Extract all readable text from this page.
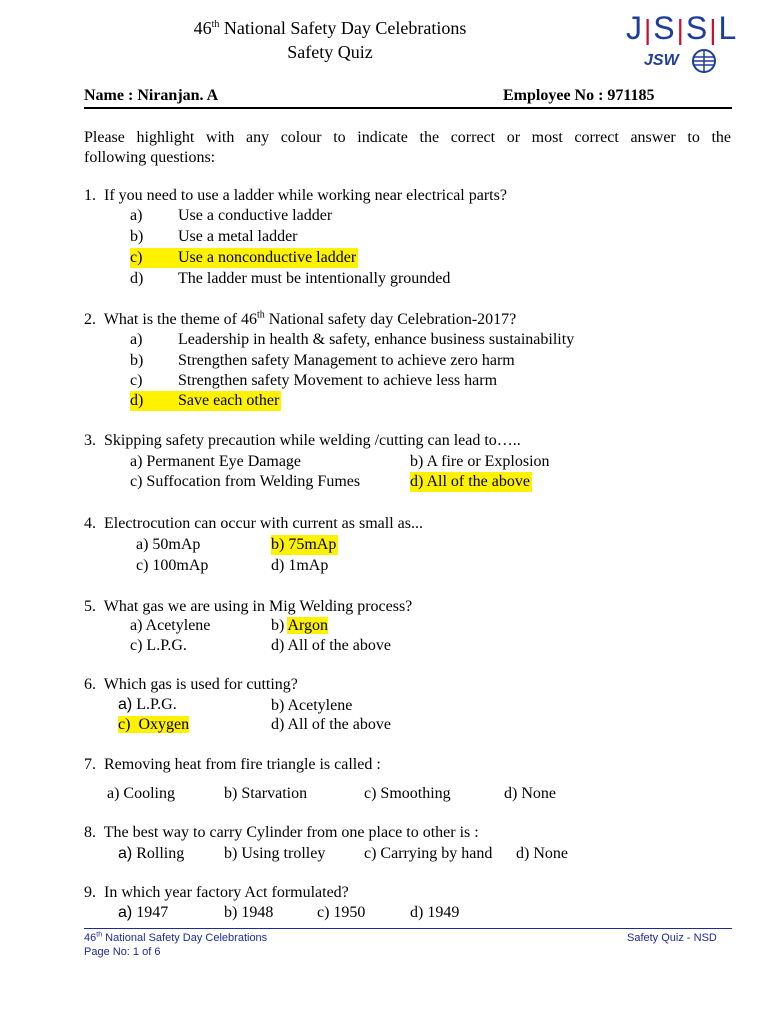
46th National Safety Day Celebrations
Safety Quiz
J|S|S|L
JSW
Name : Niranjan. A	Employee No : 971185
Please highlight with any colour to indicate the correct or most correct answer to the
following questions:
1. If you need to use a ladder while working near electrical parts?
a) Use a conductive ladder
b) Use a metal ladder
c) Use a nonconductive ladder
d) The ladder must be intentionally grounded
2. What is the theme of 46th National safety day Celebration-2017?
a) Leadership in health & safety, enhance business sustainability
b) Strengthen safety Management to achieve zero harm
c) Strengthen safety Movement to achieve less harm
d) Save each other
3. Skipping safety precaution while welding /cutting can lead to…..
a) Permanent Eye Damage	b) A fire or Explosion
c) Suffocation from Welding Fumes	d) All of the above
4. Electrocution can occur with current as small as...
a) 50mAp	b) 75mAp
c) 100mAp	d) 1mAp
5. What gas we are using in Mig Welding process?
a) Acetylene	b) Argon
c) L.P.G.	d) All of the above
6. Which gas is used for cutting?
a) L.P.G.	b) Acetylene
c) Oxygen	d) All of the above
7. Removing heat from fire triangle is called :
a) Cooling	b) Starvation	c) Smoothing	d) None
8. The best way to carry Cylinder from one place to other is :
a) Rolling b) Using trolley c) Carrying by hand d) None
9. In which year factory Act formulated?
a) 1947	b) 1948	c) 1950	d) 1949
46th National Safety Day Celebrations	Safety Quiz - NSD
Page No: 1 of 6
